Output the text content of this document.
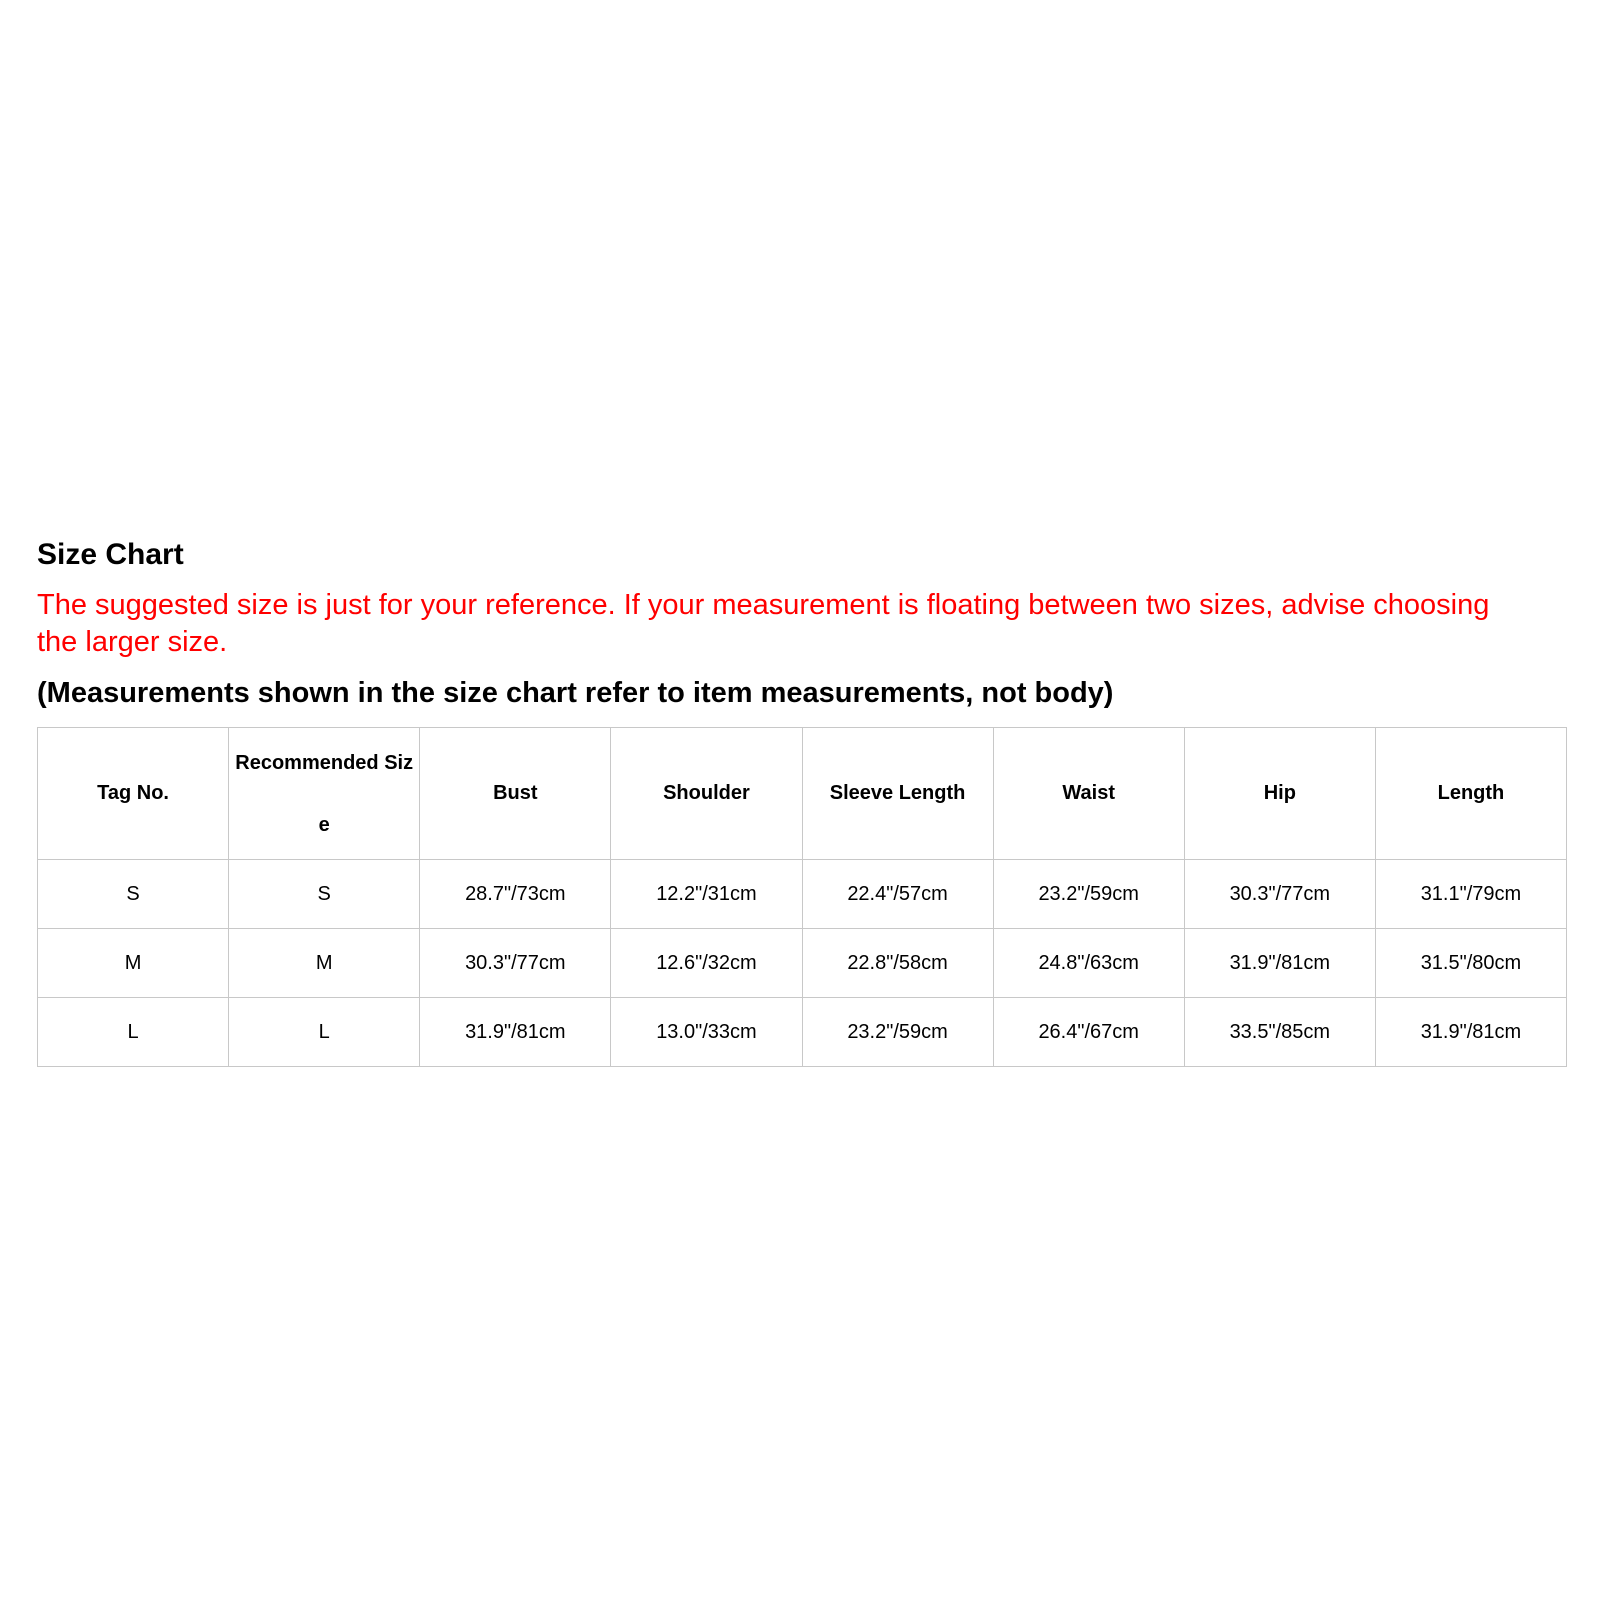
Size Chart

The suggested size is just for your reference. If your measurement is floating between two sizes, advise choosing the larger size.

(Measurements shown in the size chart refer to item measurements, not body)
Tag No.	Recommended Size	Bust	Shoulder	Sleeve Length	Waist	Hip	Length
S	S	28.7"/73cm	12.2"/31cm	22.4"/57cm	23.2"/59cm	30.3"/77cm	31.1"/79cm
M	M	30.3"/77cm	12.6"/32cm	22.8"/58cm	24.8"/63cm	31.9"/81cm	31.5"/80cm
L	L	31.9"/81cm	13.0"/33cm	23.2"/59cm	26.4"/67cm	33.5"/85cm	31.9"/81cm
